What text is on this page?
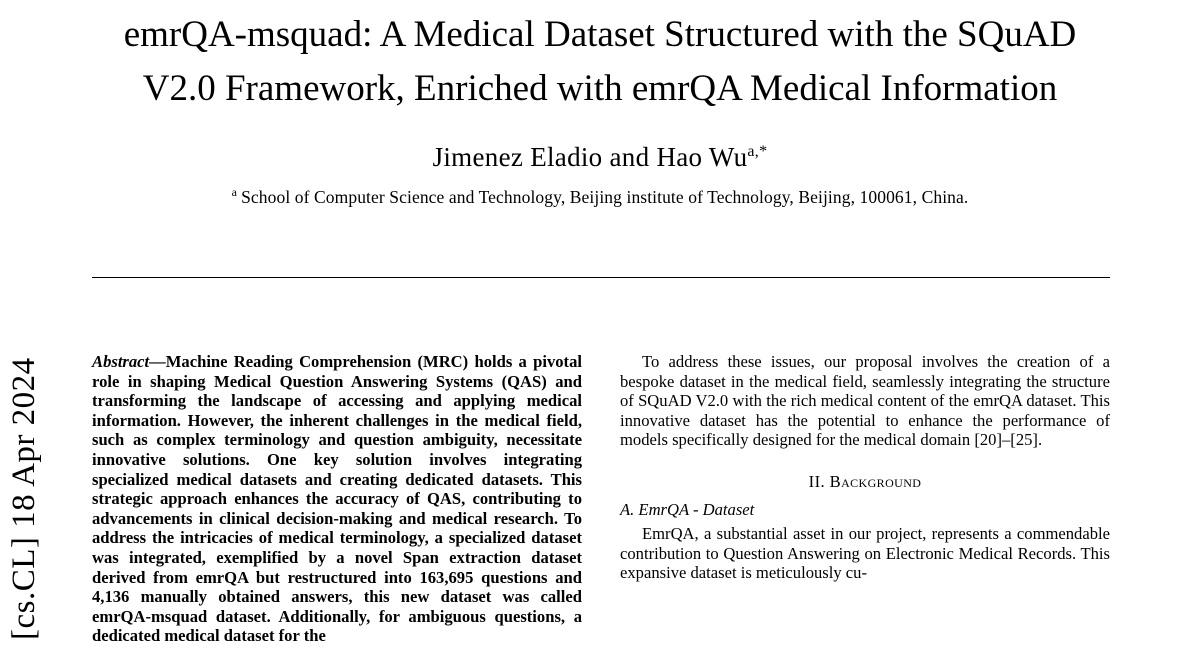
[cs.CL] 18 Apr 2024
emrQA-msquad: A Medical Dataset Structured with the SQuAD V2.0 Framework, Enriched with emrQA Medical Information
Jimenez Eladio and Hao $Wu^{a,*}$
$^a$ School of Computer Science and Technology, Beijing institute of Technology, Beijing, 100061, China.

Abstract—Machine Reading Comprehension (MRC) holds a pivotal role in shaping Medical Question Answering Systems (QAS) and transforming the landscape of accessing and applying medical information. However, the inherent challenges in the medical field, such as complex terminology and question ambiguity, necessitate innovative solutions. One key solution involves integrating specialized medical datasets and creating dedicated datasets. This strategic approach enhances the accuracy of QAS, contributing to advancements in clinical decision-making and medical research. To address the intricacies of medical terminology, a specialized dataset was integrated, exemplified by a novel Span extraction dataset derived from emrQA but restructured into 163,695 questions and 4,136 manually obtained answers, this new dataset was called emrQA-msquad dataset. Additionally, for ambiguous questions, a dedicated medical dataset for the

To address these issues, our proposal involves the creation of a bespoke dataset in the medical field, seamlessly integrating the structure of SQuAD V2.0 with the rich medical content of the emrQA dataset. This innovative dataset has the potential to enhance the performance of models specifically designed for the medical domain [20]–[25].

II. Background
A. EmrQA - Dataset

EmrQA, a substantial asset in our project, represents a commendable contribution to Question Answering on Electronic Medical Records. This expansive dataset is meticulously cu-
